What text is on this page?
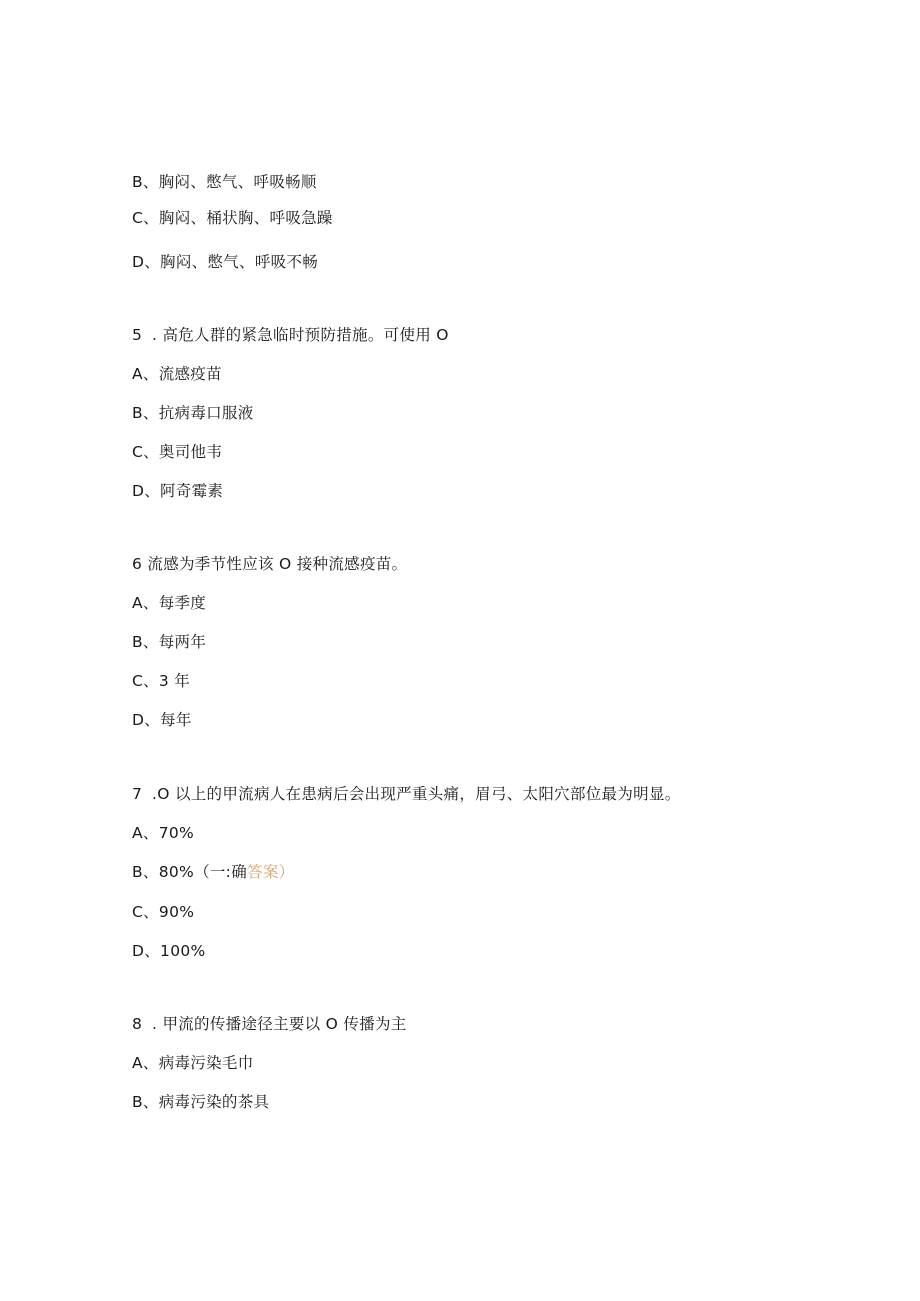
B、胸闷、憋气、呼吸畅顺
C、胸闷、桶状胸、呼吸急躁
D、胸闷、憋气、呼吸不畅
5 . 高危人群的紧急临时预防措施。可使用 O
A、流感疫苗
B、抗病毒口服液
C、奥司他韦
D、阿奇霉素
6 流感为季节性应该 O 接种流感疫苗。
A、每季度
B、每两年
C、3 年
D、每年
7 .O 以上的甲流病人在患病后会出现严重头痛，眉弓、太阳穴部位最为明显。
A、70%
B、80%（一:确答案）
C、90%
D、100%
8 . 甲流的传播途径主要以 O 传播为主
A、病毒污染毛巾
B、病毒污染的茶具
